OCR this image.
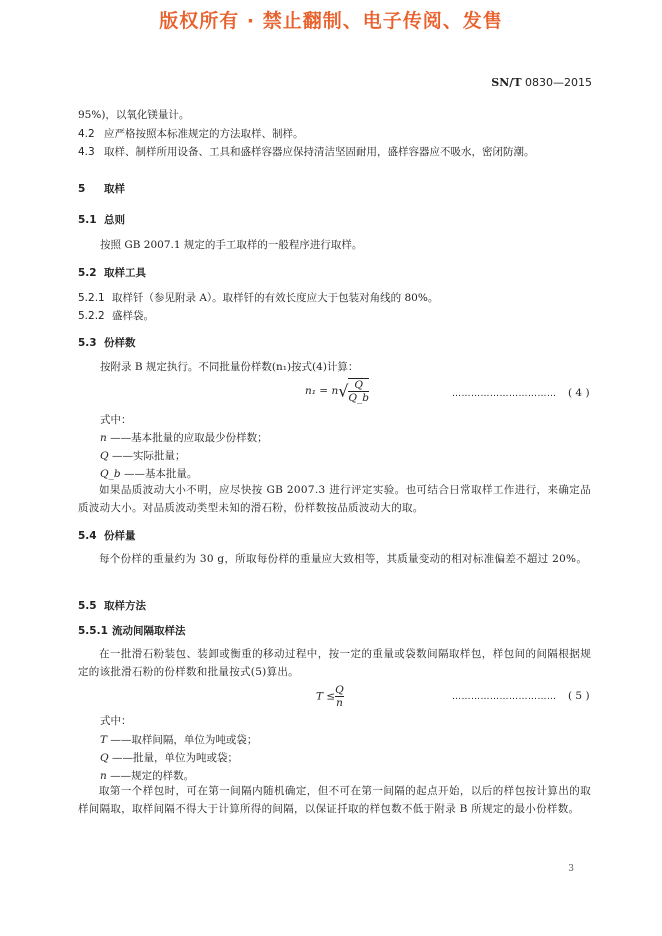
版权所有 · 禁止翻制、电子传阅、发售
SN/T 0830—2015
95%)，以氧化镁量计。
4.2 应严格按照本标准规定的方法取样、制样。
4.3 取样、制样所用设备、工具和盛样容器应保持清洁坚固耐用，盛样容器应不吸水，密闭防潮。
5 取样
5.1 总则
按照 GB 2007.1 规定的手工取样的一般程序进行取样。
5.2 取样工具
5.2.1 取样钎（参见附录 A）。取样钎的有效长度应大于包装对角线的 80%。
5.2.2 盛样袋。
5.3 份样数
按附录 B 规定执行。不同批量份样数(n₁)按式(4)计算：
$n_1 = n√ \frac{Q}{Q\_b}$	…………………………… ( 4 )
式中：
n ——基本批量的应取最少份样数；
Q ——实际批量；
Q_b ——基本批量。
如果品质波动大小不明，应尽快按 GB 2007.3 进行评定实验。也可结合日常取样工作进行，来确定品质波动大小。对品质波动类型未知的滑石粉，份样数按品质波动大的取。
5.4 份样量
每个份样的重量约为 30 g，所取每份样的重量应大致相等，其质量变动的相对标准偏差不超过 20%。
5.5 取样方法
5.5.1 流动间隔取样法
在一批滑石粉装包、装卸或衡重的移动过程中，按一定的重量或袋数间隔取样包，样包间的间隔根据规定的该批滑石粉的份样数和批量按式(5)算出。
$T \le \frac{Q}{n}$	…………………………… ( 5 )
式中：
T ——取样间隔，单位为吨或袋；
Q ——批量，单位为吨或袋；
n ——规定的样数。
取第一个样包时，可在第一间隔内随机确定，但不可在第一间隔的起点开始，以后的样包按计算出的取样间隔取，取样间隔不得大于计算所得的间隔，以保证扦取的样包数不低于附录 B 所规定的最小份样数。
3
